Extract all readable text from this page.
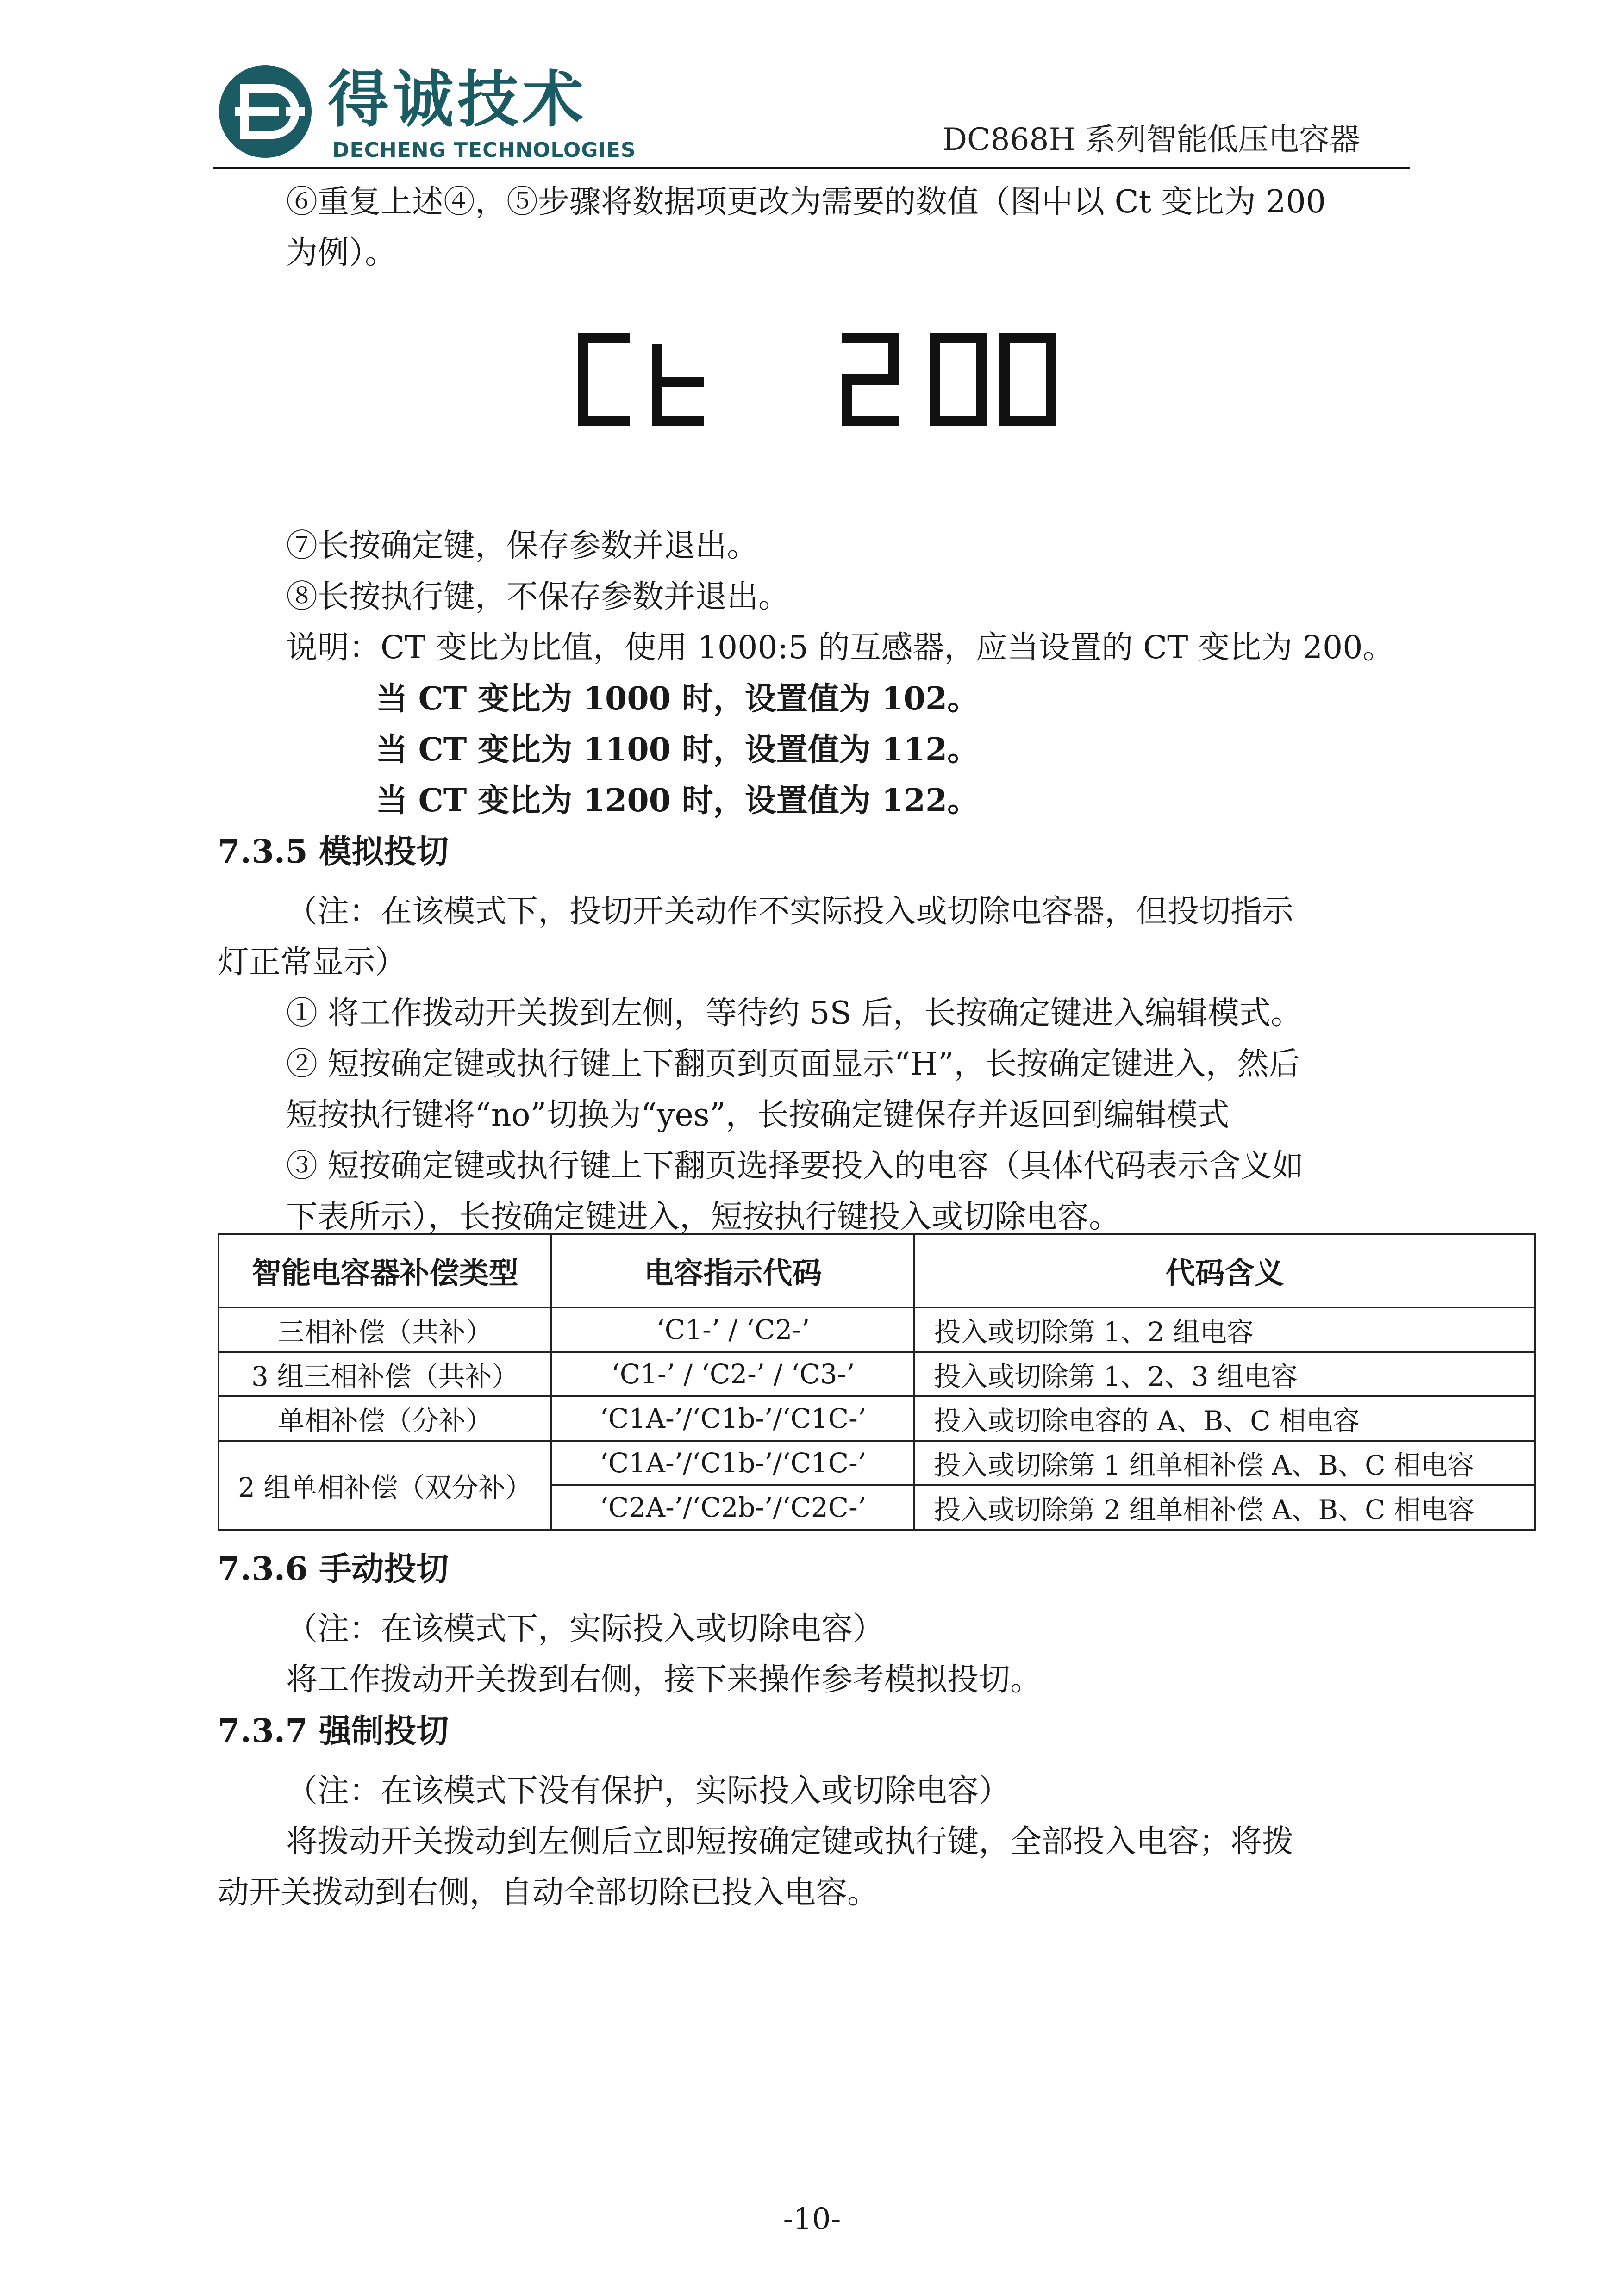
得诚技术
DECHENG TECHNOLOGIES	DC868H 系列智能低压电容器
⑥重复上述④，⑤步骤将数据项更改为需要的数值（图中以 Ct 变比为 200
为例）。
⑦长按确定键，保存参数并退出。
⑧长按执行键，不保存参数并退出。
说明：CT 变比为比值，使用 1000:5 的互感器，应当设置的 CT 变比为 200。
当 CT 变比为 1000 时，设置值为 102。
当 CT 变比为 1100 时，设置值为 112。
当 CT 变比为 1200 时，设置值为 122。
7.3.5 模拟投切
（注：在该模式下，投切开关动作不实际投入或切除电容器，但投切指示
灯正常显示）
① 将工作拨动开关拨到左侧，等待约 5S 后，长按确定键进入编辑模式。
② 短按确定键或执行键上下翻页到页面显示“H”，长按确定键进入，然后
短按执行键将“no”切换为“yes”，长按确定键保存并返回到编辑模式
③ 短按确定键或执行键上下翻页选择要投入的电容（具体代码表示含义如
下表所示），长按确定键进入，短按执行键投入或切除电容。
智能电容器补偿类型	电容指示代码	代码含义
三相补偿（共补）	‘C1-’ / ‘C2-’	投入或切除第 1、2 组电容
3 组三相补偿（共补）	‘C1-’ / ‘C2-’ / ‘C3-’	投入或切除第 1、2、3 组电容
单相补偿（分补）	‘C1A-’/‘C1b-’/‘C1C-’	投入或切除电容的 A、B、C 相电容
2 组单相补偿（双分补）	‘C1A-’/‘C1b-’/‘C1C-’	投入或切除第 1 组单相补偿 A、B、C 相电容
	‘C2A-’/‘C2b-’/‘C2C-’	投入或切除第 2 组单相补偿 A、B、C 相电容
7.3.6 手动投切
（注：在该模式下，实际投入或切除电容）
将工作拨动开关拨到右侧，接下来操作参考模拟投切。
7.3.7 强制投切
（注：在该模式下没有保护，实际投入或切除电容）
将拨动开关拨动到左侧后立即短按确定键或执行键，全部投入电容；将拨
动开关拨动到右侧，自动全部切除已投入电容。
-10-
